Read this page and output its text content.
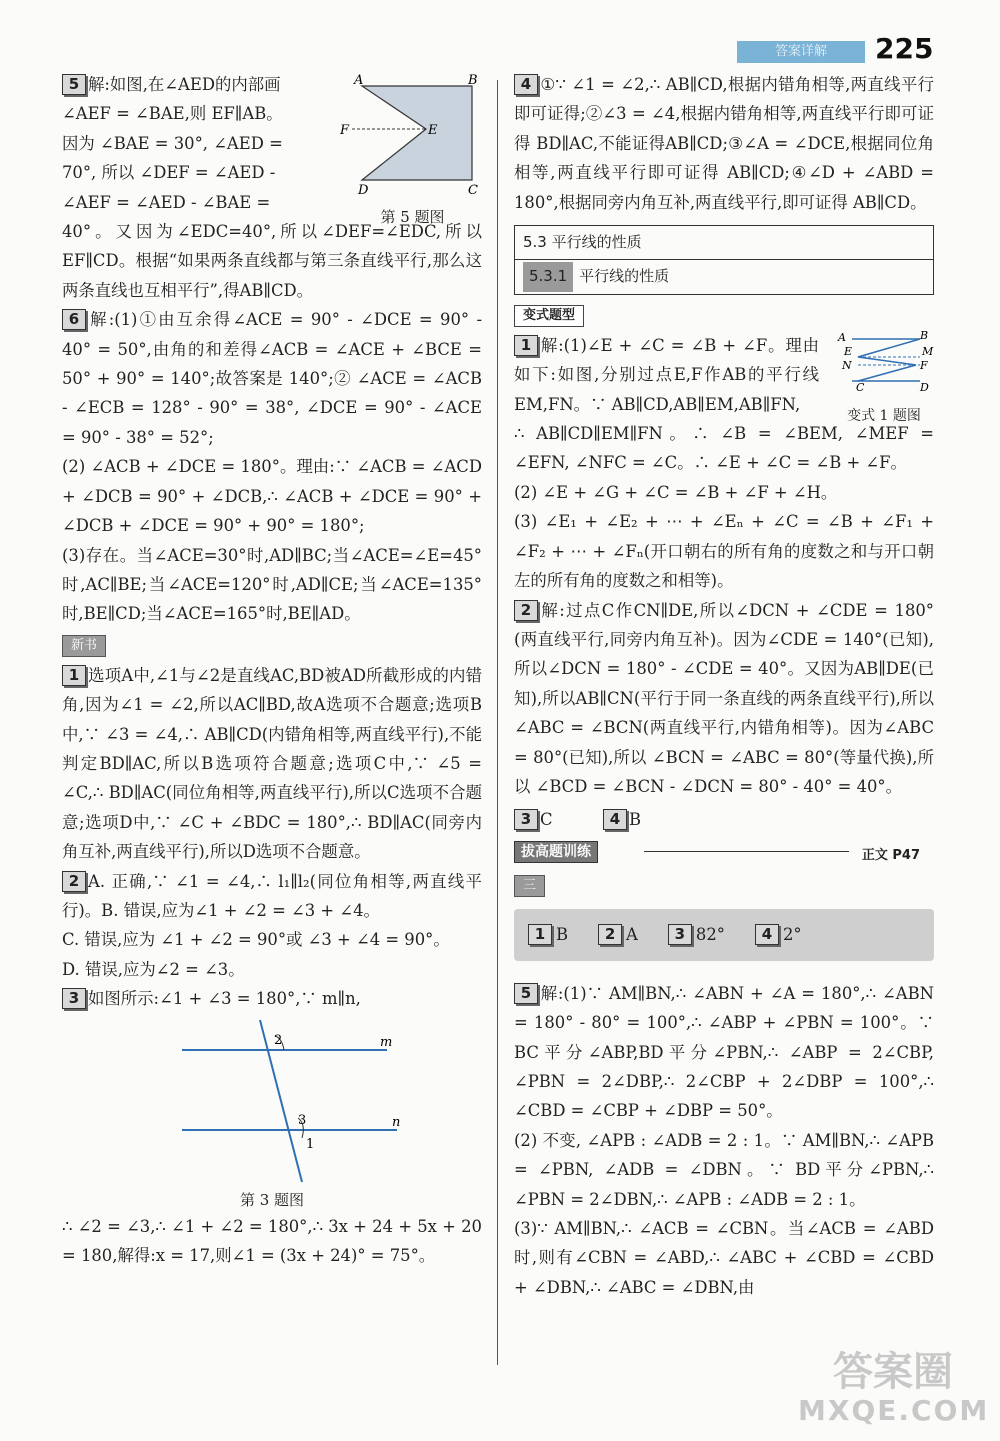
答案详解	225

5 解:如图,在∠AED的内部画

∠AEF = ∠BAE,则 EF∥AB。

因为 ∠BAE = 30°, ∠AED =

70°, 所以 ∠DEF = ∠AED -

∠AEF = ∠AED - ∠BAE =

A	B
F	E
D	C
第 5 题图

40°。又因为∠EDC=40°,所以∠DEF=∠EDC,所以EF∥CD。根据“如果两条直线都与第三条直线平行,那么这两条直线也互相平行”,得AB∥CD。

6 解:(1)①由互余得∠ACE = 90° - ∠DCE = 90° - 40° = 50°,由角的和差得∠ACB = ∠ACE + ∠BCE = 50° + 90° = 140°;故答案是 140°;② ∠ACE = ∠ACB - ∠ECB = 128° - 90° = 38°, ∠DCE = 90° - ∠ACE = 90° - 38° = 52°;

(2) ∠ACB + ∠DCE = 180°。理由:∵ ∠ACB = ∠ACD + ∠DCB = 90° + ∠DCB,∴ ∠ACB + ∠DCE = 90° + ∠DCB + ∠DCE = 90° + 90° = 180°;

(3)存在。当∠ACE=30°时,AD∥BC;当∠ACE=∠E=45°时,AC∥BE;当∠ACE=120°时,AD∥CE;当∠ACE=135°时,BE∥CD;当∠ACE=165°时,BE∥AD。

新书

1 选项A中,∠1与∠2是直线AC,BD被AD所截形成的内错角,因为∠1 = ∠2,所以AC∥BD,故A选项不合题意;选项B中,∵ ∠3 = ∠4,∴ AB∥CD(内错角相等,两直线平行),不能判定BD∥AC,所以B选项符合题意;选项C中,∵ ∠5 = ∠C,∴ BD∥AC(同位角相等,两直线平行),所以C选项不合题意;选项D中,∵ ∠C + ∠BDC = 180°,∴ BD∥AC(同旁内角互补,两直线平行),所以D选项不合题意。

2 A. 正确,∵ ∠1 = ∠4,∴ l₁∥l₂(同位角相等,两直线平行)。B. 错误,应为∠1 + ∠2 = ∠3 + ∠4。

C. 错误,应为 ∠1 + ∠2 = 90°或 ∠3 + ∠4 = 90°。

D. 错误,应为∠2 = ∠3。

3 如图所示:∠1 + ∠3 = 180°,∵ m∥n,

2
3
1
m
n
第 3 题图

∴ ∠2 = ∠3,∴ ∠1 + ∠2 = 180°,∴ 3x + 24 + 5x + 20 = 180,解得:x = 17,则∠1 = (3x + 24)° = 75°。

4 ①∵ ∠1 = ∠2,∴ AB∥CD,根据内错角相等,两直线平行即可证得;②∠3 = ∠4,根据内错角相等,两直线平行即可证得 BD∥AC,不能证得AB∥CD;③∠A = ∠DCE,根据同位角相等,两直线平行即可证得 AB∥CD;④∠D + ∠ABD = 180°,根据同旁内角互补,两直线平行,即可证得 AB∥CD。

5.3 平行线的性质
5.3.1 平行线的性质
变式题型
A	B
E	M
N	F
C	D
变式 1 题图

1 解:(1)∠E + ∠C = ∠B + ∠F。理由如下:如图,分别过点E,F作AB的平行线EM,FN。∵ AB∥CD,AB∥EM,AB∥FN,

∴ AB∥CD∥EM∥FN。∴ ∠B = ∠BEM, ∠MEF = ∠EFN, ∠NFC = ∠C。∴ ∠E + ∠C = ∠B + ∠F。

(2) ∠E + ∠G + ∠C = ∠B + ∠F + ∠H。

(3) ∠E₁ + ∠E₂ + ⋯ + ∠Eₙ + ∠C = ∠B + ∠F₁ + ∠F₂ + ⋯ + ∠Fₙ(开口朝右的所有角的度数之和与开口朝左的所有角的度数之和相等)。

2 解:过点C作CN∥DE,所以∠DCN + ∠CDE = 180°(两直线平行,同旁内角互补)。因为∠CDE = 140°(已知),所以∠DCN = 180° - ∠CDE = 40°。又因为AB∥DE(已知),所以AB∥CN(平行于同一条直线的两条直线平行),所以∠ABC = ∠BCN(两直线平行,内错角相等)。因为∠ABC = 80°(已知),所以 ∠BCN = ∠ABC = 80°(等量代换),所以 ∠BCD = ∠BCN - ∠DCN = 80° - 40° = 40°。

3 C	4 B

拔高题训练	正文 P47
三
1 B	2 A	3 82°	4 2°

5 解:(1)∵ AM∥BN,∴ ∠ABN + ∠A = 180°,∴ ∠ABN = 180° - 80° = 100°,∴ ∠ABP + ∠PBN = 100°。∵ BC平分∠ABP,BD平分∠PBN,∴ ∠ABP = 2∠CBP, ∠PBN = 2∠DBP,∴ 2∠CBP + 2∠DBP = 100°,∴ ∠CBD = ∠CBP + ∠DBP = 50°。

(2) 不变, ∠APB : ∠ADB = 2 : 1。∵ AM∥BN,∴ ∠APB = ∠PBN, ∠ADB = ∠DBN。∵ BD平分∠PBN,∴ ∠PBN = 2∠DBN,∴ ∠APB : ∠ADB = 2 : 1。

(3)∵ AM∥BN,∴ ∠ACB = ∠CBN。当∠ACB = ∠ABD时,则有∠CBN = ∠ABD,∴ ∠ABC + ∠CBD = ∠CBD + ∠DBN,∴ ∠ABC = ∠DBN,由

答案圈
MXQE.COM
